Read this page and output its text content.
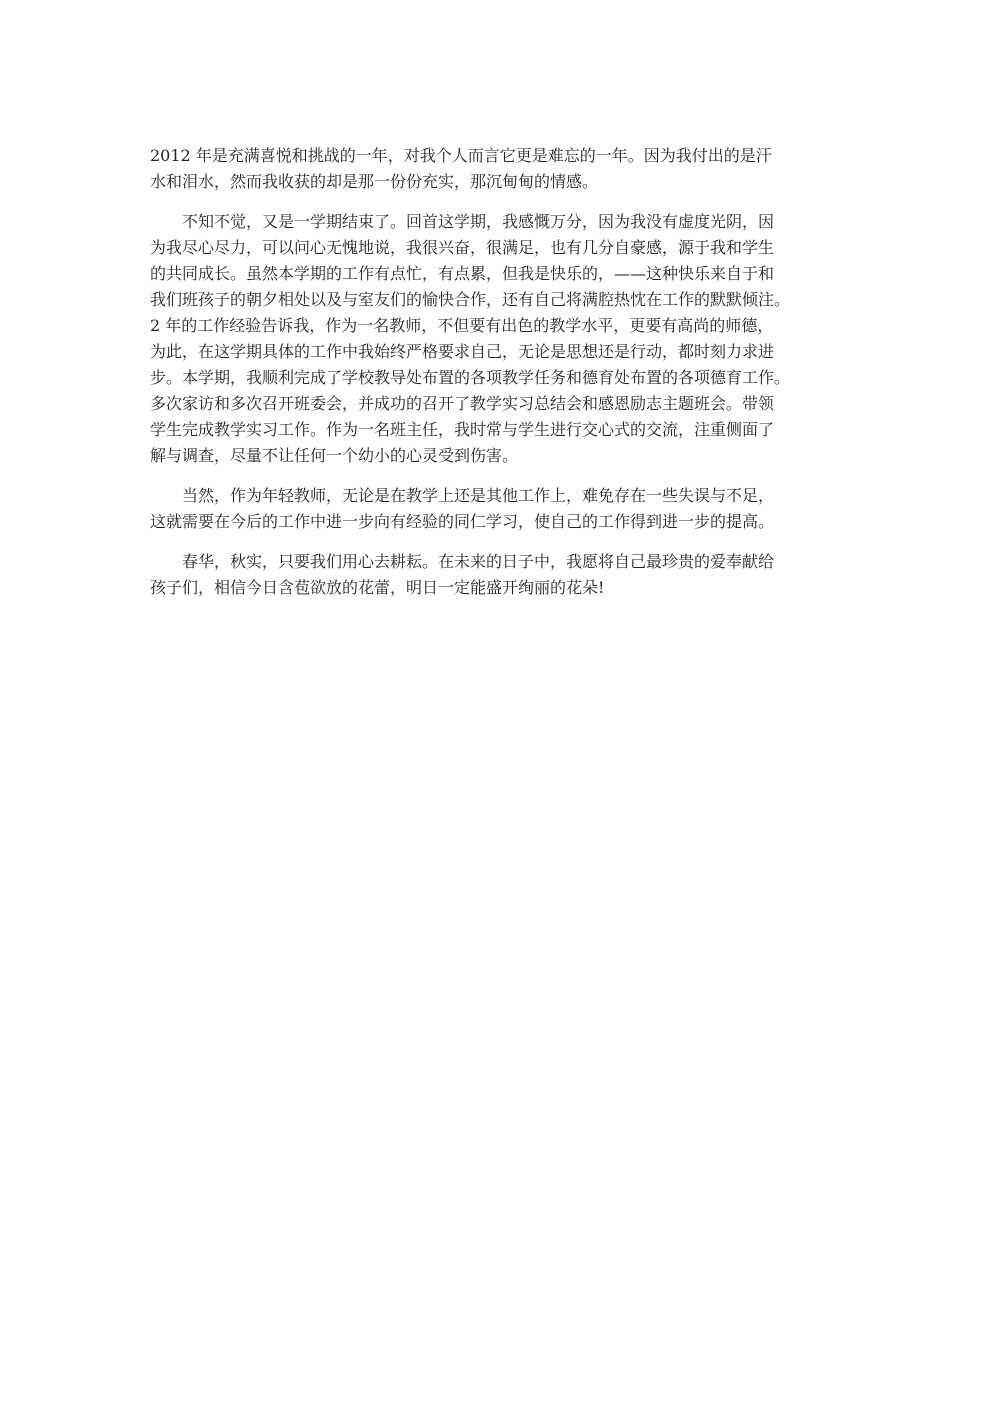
2012 年是充满喜悦和挑战的一年，对我个人而言它更是难忘的一年。因为我付出的是汗
水和泪水，然而我收获的却是那一份份充实，那沉甸甸的情感。
　　不知不觉，又是一学期结束了。回首这学期，我感慨万分，因为我没有虚度光阴，因
为我尽心尽力，可以问心无愧地说，我很兴奋，很满足，也有几分自豪感，源于我和学生
的共同成长。虽然本学期的工作有点忙，有点累，但我是快乐的，——这种快乐来自于和
我们班孩子的朝夕相处以及与室友们的愉快合作，还有自己将满腔热忱在工作的默默倾注。
2 年的工作经验告诉我，作为一名教师，不但要有出色的教学水平，更要有高尚的师德，
为此，在这学期具体的工作中我始终严格要求自己，无论是思想还是行动，都时刻力求进
步。本学期，我顺利完成了学校教导处布置的各项教学任务和德育处布置的各项德育工作。
多次家访和多次召开班委会，并成功的召开了教学实习总结会和感恩励志主题班会。带领
学生完成教学实习工作。作为一名班主任，我时常与学生进行交心式的交流，注重侧面了
解与调查，尽量不让任何一个幼小的心灵受到伤害。
　　当然，作为年轻教师，无论是在教学上还是其他工作上，难免存在一些失误与不足，
这就需要在今后的工作中进一步向有经验的同仁学习，使自己的工作得到进一步的提高。
　　春华，秋实，只要我们用心去耕耘。在未来的日子中，我愿将自己最珍贵的爱奉献给
孩子们，相信今日含苞欲放的花蕾，明日一定能盛开绚丽的花朵!
